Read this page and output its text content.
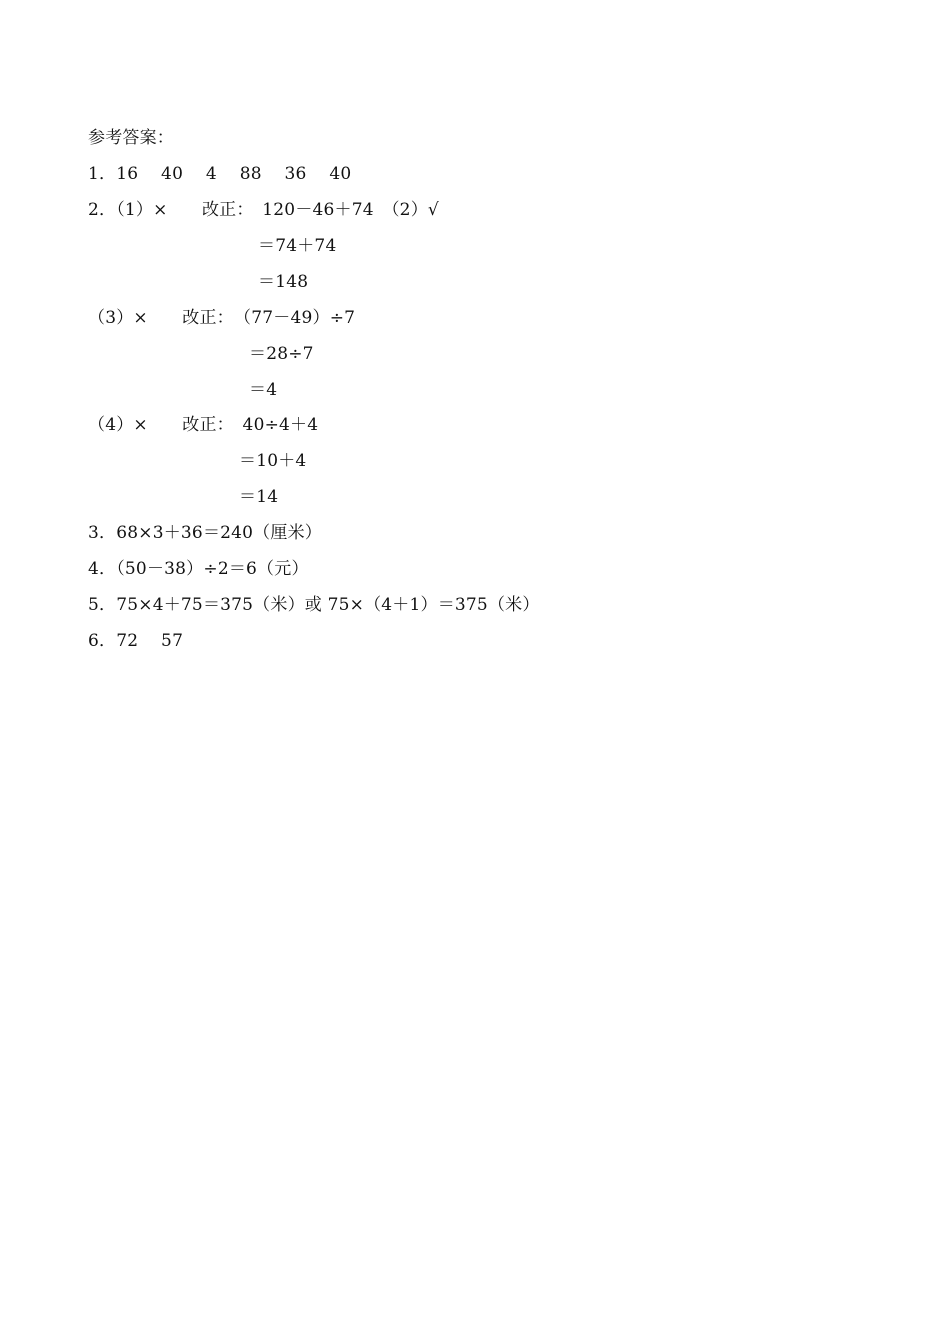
参考答案：
1．16　 40　 4　 88　 36　 40
2．（1）×　　改正：　120－46＋74　（2）√
＝74＋74
＝148
（3）×　　改正：　（77－49）÷7
＝28÷7
＝4
（4）×　　改正：　40÷4＋4
＝10＋4
＝14
3．68×3＋36＝240（厘米）
4．（50－38）÷2＝6（元）
5．75×4＋75＝375（米）或 75×（4＋1）＝375（米）
6．72　 57
